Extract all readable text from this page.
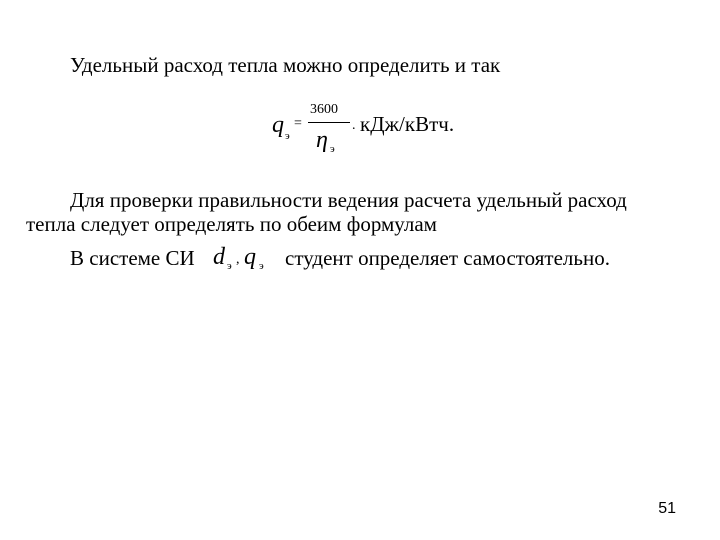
Удельный расход тепла можно определить и так
q э
=
3600
η э
. кДж/кВтч.
Для проверки правильности ведения расчета удельный расход
тепла следует определять по обеим формулам
В системе СИ d э , q э студент определяет самостоятельно.
51
